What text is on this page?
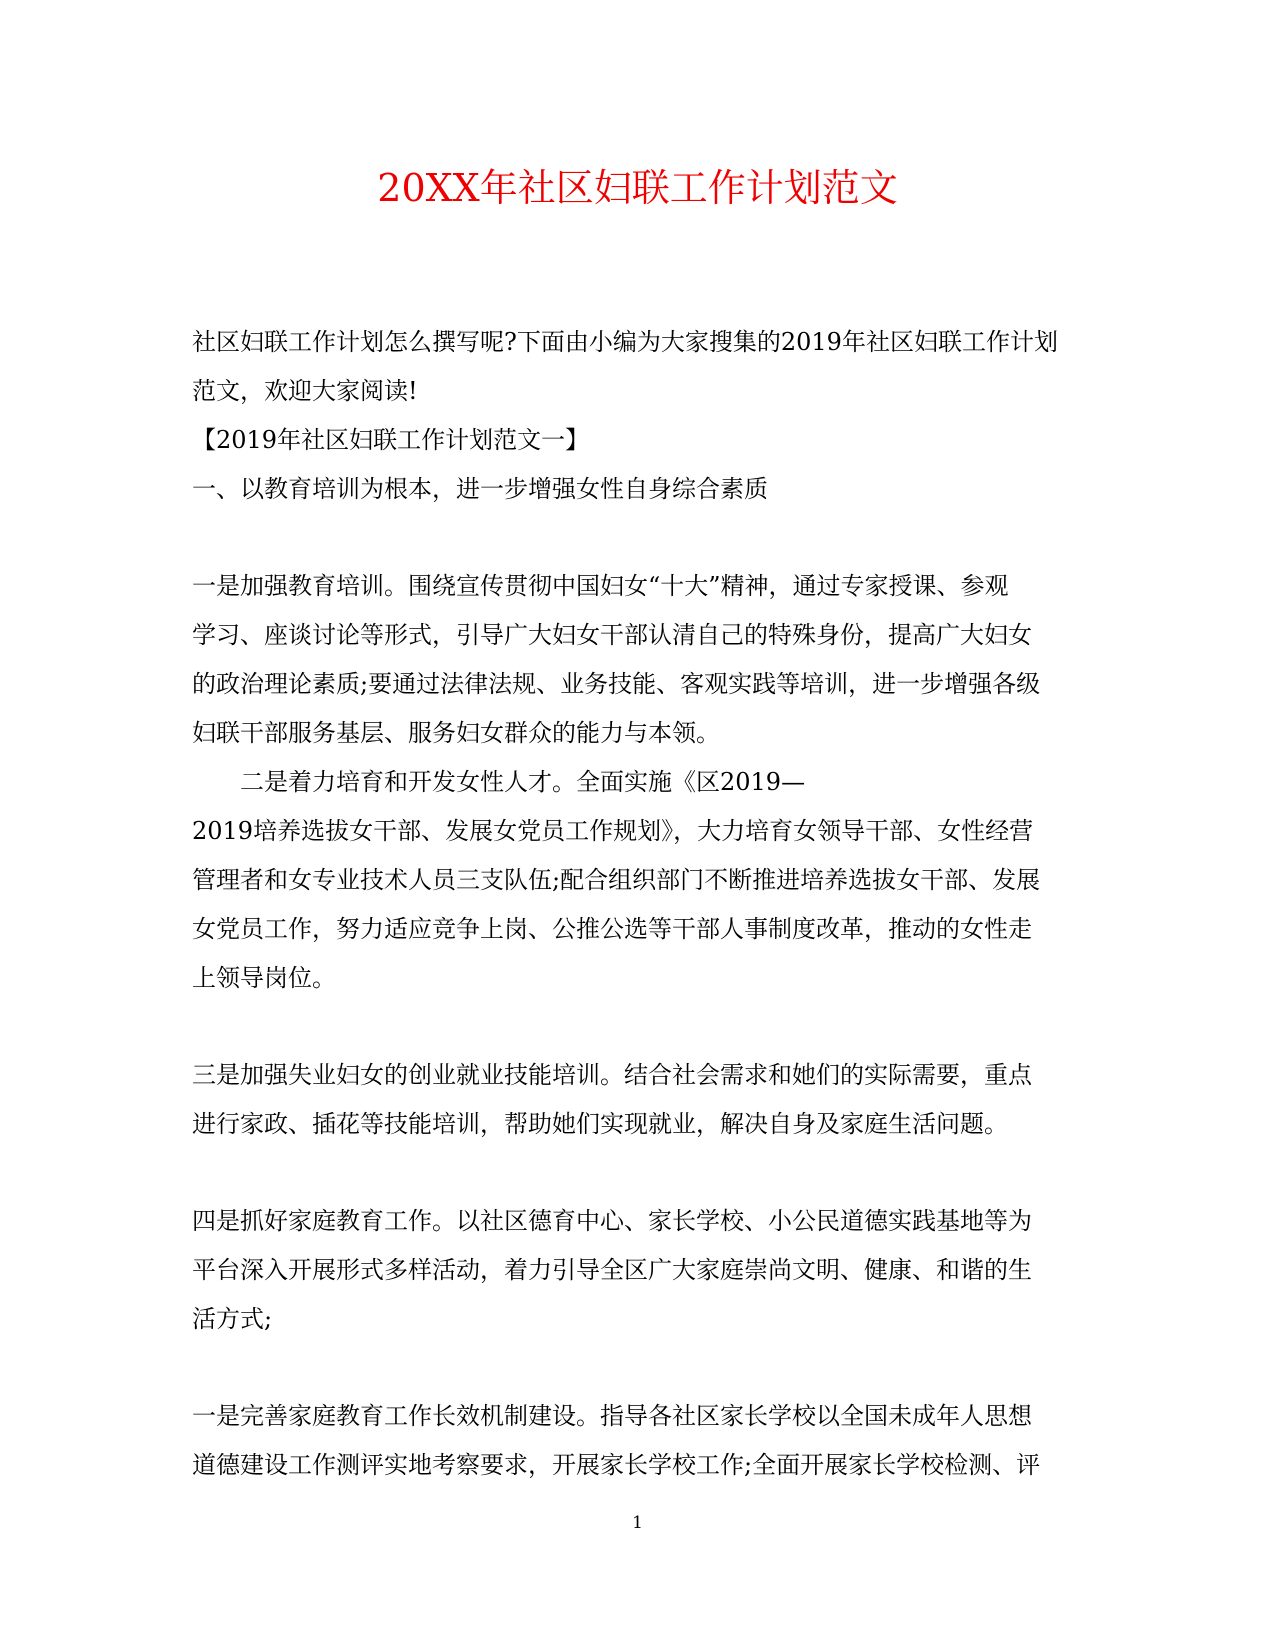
20XX年社区妇联工作计划范文

社区妇联工作计划怎么撰写呢?下面由小编为大家搜集的2019年社区妇联工作计划

范文，欢迎大家阅读!

【2019年社区妇联工作计划范文一】

一、以教育培训为根本，进一步增强女性自身综合素质

一是加强教育培训。围绕宣传贯彻中国妇女“十大”精神，通过专家授课、参观

学习、座谈讨论等形式，引导广大妇女干部认清自己的特殊身份，提高广大妇女

的政治理论素质;要通过法律法规、业务技能、客观实践等培训，进一步增强各级

妇联干部服务基层、服务妇女群众的能力与本领。

　　二是着力培育和开发女性人才。全面实施《区2019—

2019培养选拔女干部、发展女党员工作规划》，大力培育女领导干部、女性经营

管理者和女专业技术人员三支队伍;配合组织部门不断推进培养选拔女干部、发展

女党员工作，努力适应竞争上岗、公推公选等干部人事制度改革，推动的女性走

上领导岗位。

三是加强失业妇女的创业就业技能培训。结合社会需求和她们的实际需要，重点

进行家政、插花等技能培训，帮助她们实现就业，解决自身及家庭生活问题。

四是抓好家庭教育工作。以社区德育中心、家长学校、小公民道德实践基地等为

平台深入开展形式多样活动，着力引导全区广大家庭崇尚文明、健康、和谐的生

活方式;

一是完善家庭教育工作长效机制建设。指导各社区家长学校以全国未成年人思想

道德建设工作测评实地考察要求，开展家长学校工作;全面开展家长学校检测、评

1
